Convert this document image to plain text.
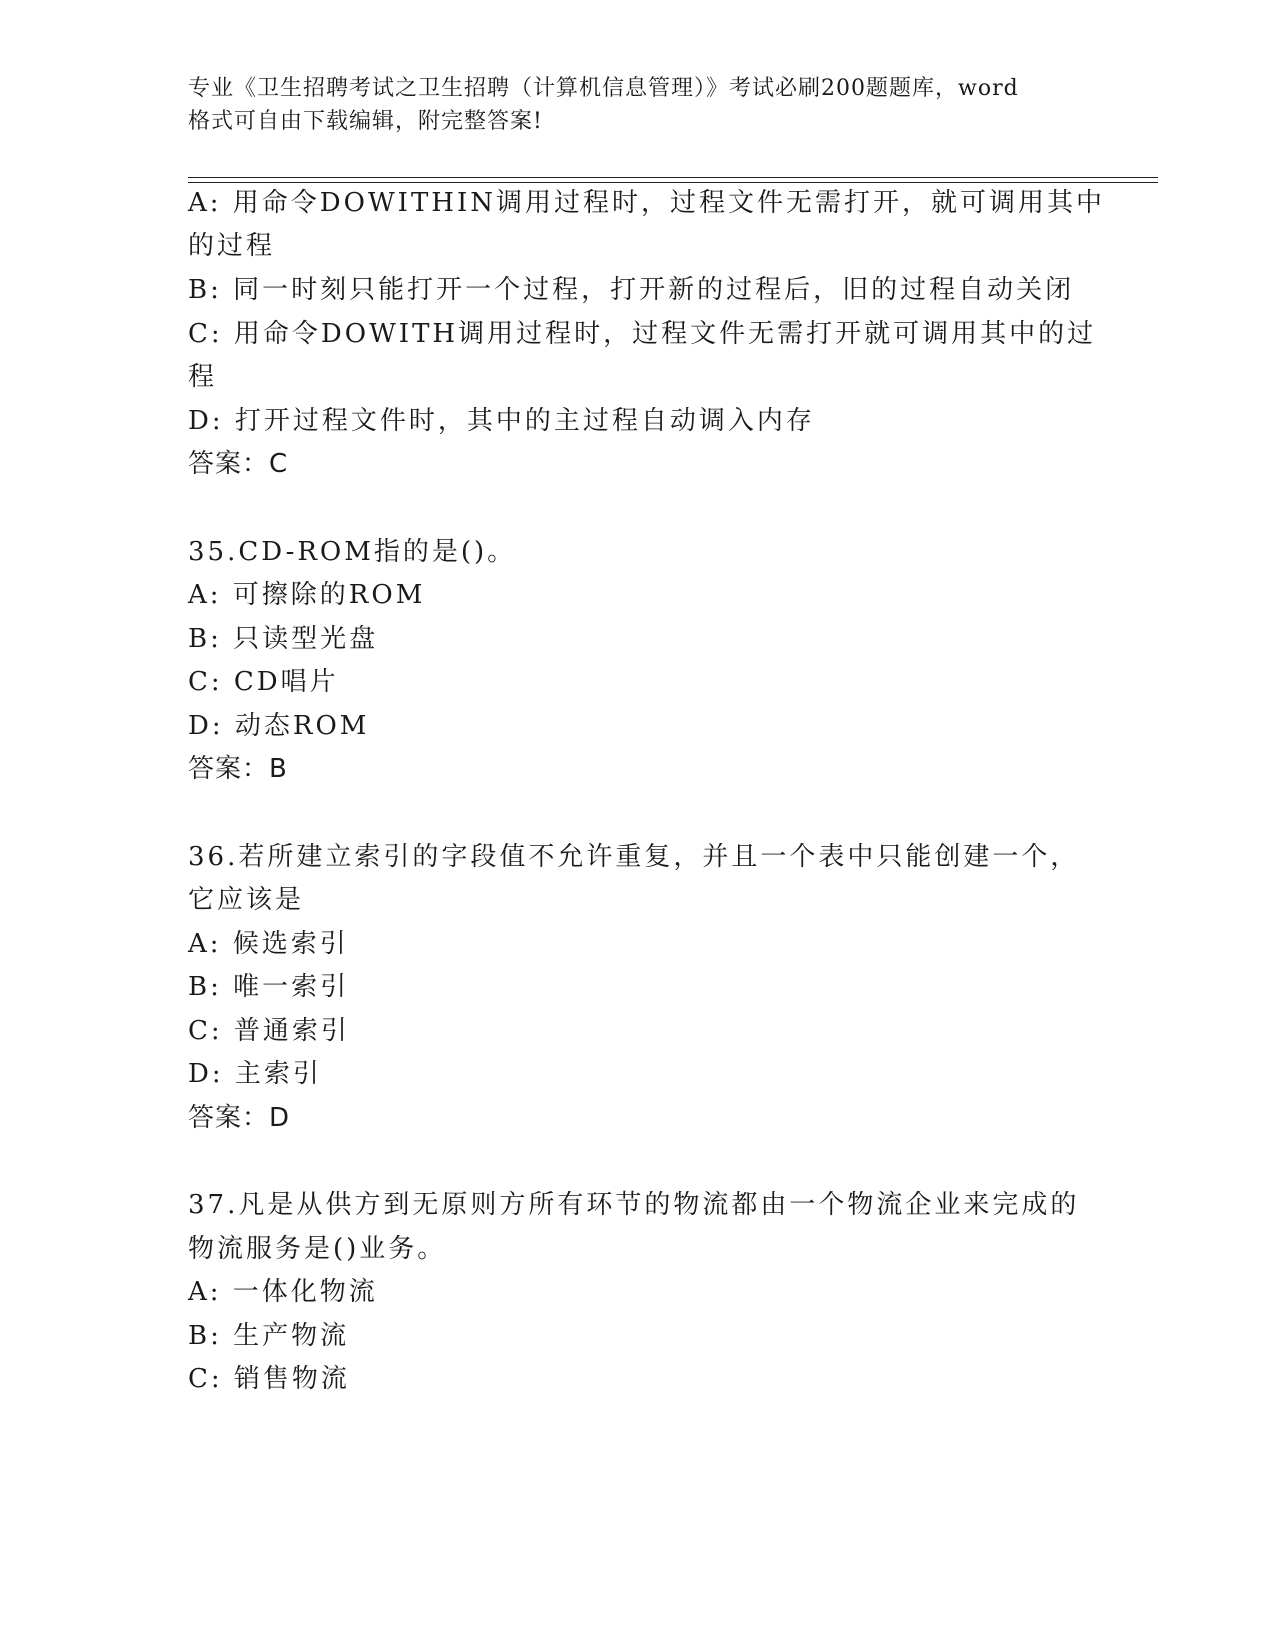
专业《卫生招聘考试之卫生招聘（计算机信息管理）》考试必刷200题题库，word
格式可自由下载编辑，附完整答案!
A: 用命令DOWITHIN调用过程时，过程文件无需打开，就可调用其中
的过程
B: 同一时刻只能打开一个过程，打开新的过程后，旧的过程自动关闭
C: 用命令DOWITH调用过程时，过程文件无需打开就可调用其中的过
程
D: 打开过程文件时，其中的主过程自动调入内存
答案：C
35.CD-ROM指的是()。
A: 可擦除的ROM
B: 只读型光盘
C: CD唱片
D: 动态ROM
答案：B
36.若所建立索引的字段值不允许重复，并且一个表中只能创建一个，
它应该是
A: 候选索引
B: 唯一索引
C: 普通索引
D: 主索引
答案：D
37.凡是从供方到无原则方所有环节的物流都由一个物流企业来完成的
物流服务是()业务。
A: 一体化物流
B: 生产物流
C: 销售物流
